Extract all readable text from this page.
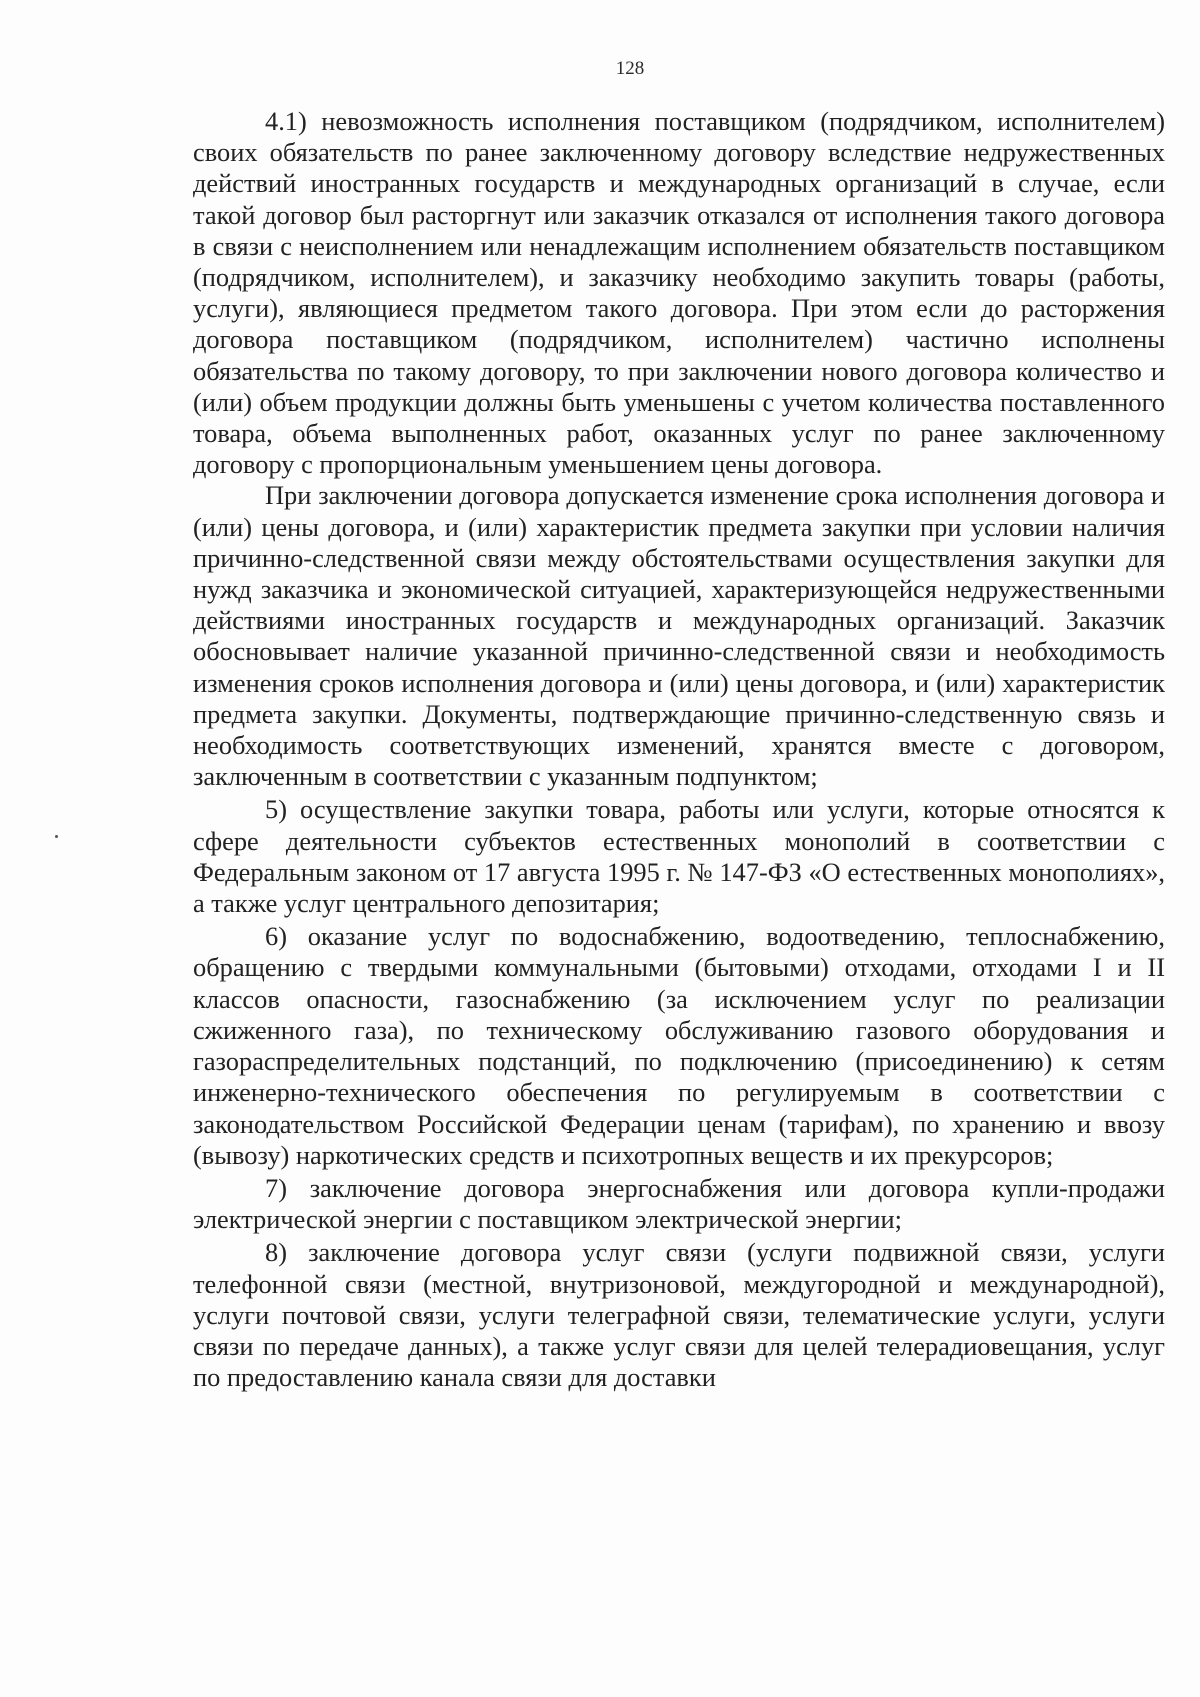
128

4.1) невозможность исполнения поставщиком (подрядчиком, исполнителем) своих обязательств по ранее заключенному договору вследствие недружественных действий иностранных государств и международных организаций в случае, если такой договор был расторгнут или заказчик отказался от исполнения такого договора в связи с неисполнением или ненадлежащим исполнением обязательств поставщиком (подрядчиком, исполнителем), и заказчику необходимо закупить товары (работы, услуги), являющиеся предметом такого договора. При этом если до расторжения договора поставщиком (подрядчиком, исполнителем) частично исполнены обязательства по такому договору, то при заключении нового договора количество и (или) объем продукции должны быть уменьшены с учетом количества поставленного товара, объема выполненных работ, оказанных услуг по ранее заключенному договору с пропорциональным уменьшением цены договора.

При заключении договора допускается изменение срока исполнения договора и (или) цены договора, и (или) характеристик предмета закупки при условии наличия причинно-следственной связи между обстоятельствами осуществления закупки для нужд заказчика и экономической ситуацией, характеризующейся недружественными действиями иностранных государств и международных организаций. Заказчик обосновывает наличие указанной причинно-следственной связи и необходимость изменения сроков исполнения договора и (или) цены договора, и (или) характеристик предмета закупки. Документы, подтверждающие причинно-следственную связь и необходимость соответствующих изменений, хранятся вместе с договором, заключенным в соответствии с указанным подпунктом;

5) осуществление закупки товара, работы или услуги, которые относятся к сфере деятельности субъектов естественных монополий в соответствии с Федеральным законом от 17 августа 1995 г. № 147-ФЗ «О естественных монополиях», а также услуг центрального депозитария;

6) оказание услуг по водоснабжению, водоотведению, теплоснабжению, обращению с твердыми коммунальными (бытовыми) отходами, отходами I и II классов опасности, газоснабжению (за исключением услуг по реализации сжиженного газа), по техническому обслуживанию газового оборудования и газораспределительных подстанций, по подключению (присоединению) к сетям инженерно-технического обеспечения по регулируемым в соответствии с законодательством Российской Федерации ценам (тарифам), по хранению и ввозу (вывозу) наркотических средств и психотропных веществ и их прекурсоров;

7) заключение договора энергоснабжения или договора купли-продажи электрической энергии с поставщиком электрической энергии;

8) заключение договора услуг связи (услуги подвижной связи, услуги телефонной связи (местной, внутризоновой, междугородной и международной), услуги почтовой связи, услуги телеграфной связи, телематические услуги, услуги связи по передаче данных), а также услуг связи для целей телерадиовещания, услуг по предоставлению канала связи для доставки
